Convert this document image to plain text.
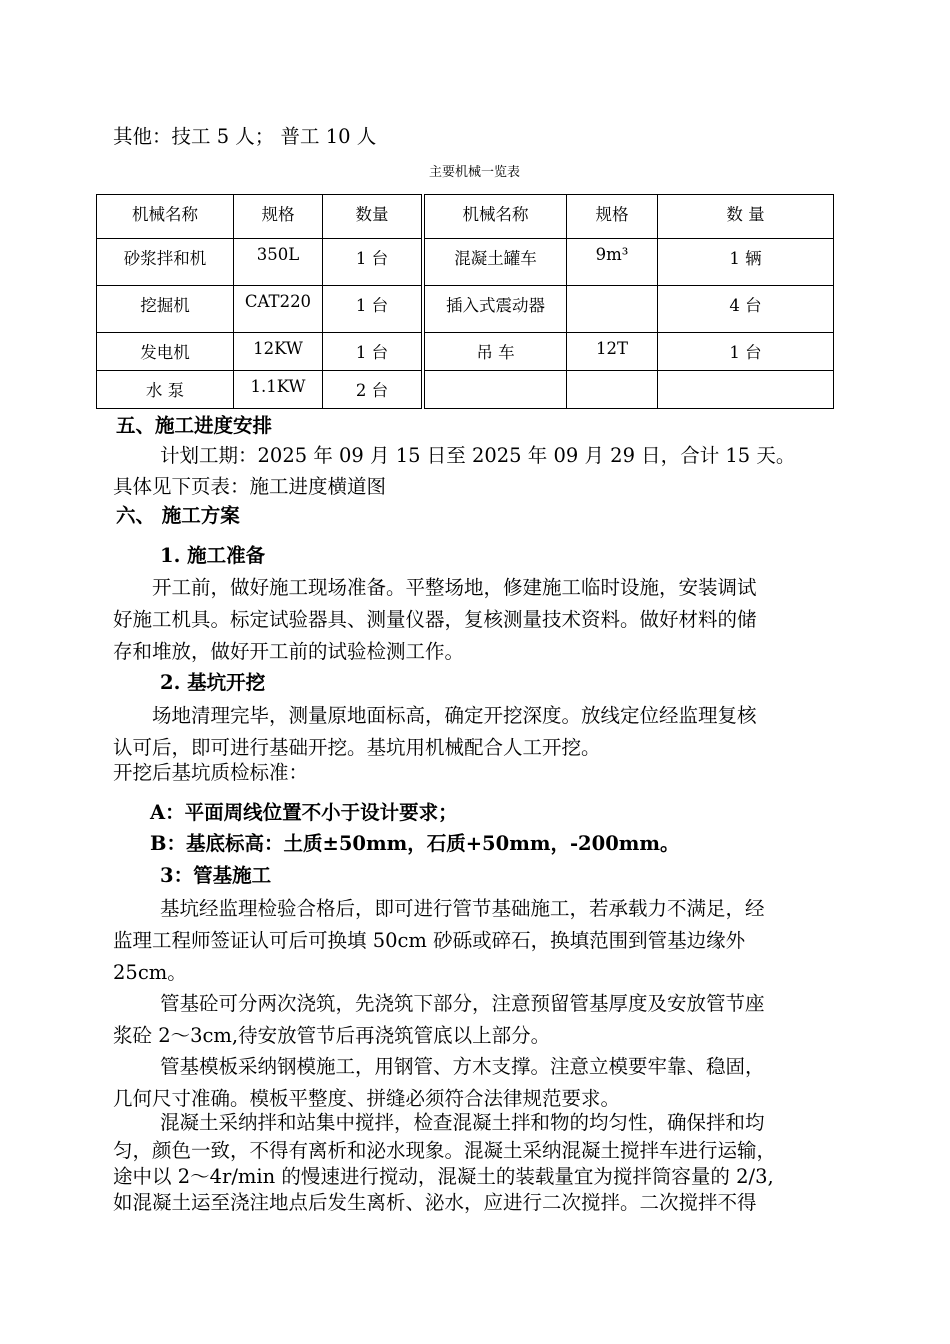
其他：技工 5 人； 普工 10 人
主要机械一览表
机械名称	规格	数量		机械名称	规格	数 量
砂浆拌和机	350L	1 台		混凝土罐车	9m³	1 辆
挖掘机	CAT220	1 台		插入式震动器		4 台
发电机	12KW	1 台		吊 车	12T	1 台
水 泵	1.1KW	2 台				
五、施工进度安排
计划工期：2025 年 09 月 15 日至 2025 年 09 月 29 日，合计 15 天。
具体见下页表：施工进度横道图
六、 施工方案
1. 施工准备
开工前，做好施工现场准备。平整场地，修建施工临时设施，安装调试
好施工机具。标定试验器具、测量仪器，复核测量技术资料。做好材料的储
存和堆放，做好开工前的试验检测工作。
2. 基坑开挖
场地清理完毕，测量原地面标高，确定开挖深度。放线定位经监理复核
认可后，即可进行基础开挖。基坑用机械配合人工开挖。
开挖后基坑质检标准：
A：平面周线位置不小于设计要求；
B：基底标高：土质±50mm，石质+50mm，-200mm。
3：管基施工
基坑经监理检验合格后，即可进行管节基础施工，若承载力不满足，经
监理工程师签证认可后可换填 50cm 砂砾或碎石，换填范围到管基边缘外
25cm。
管基砼可分两次浇筑，先浇筑下部分，注意预留管基厚度及安放管节座
浆砼 2～3cm,待安放管节后再浇筑管底以上部分。
管基模板采纳钢模施工，用钢管、方木支撑。注意立模要牢靠、稳固，
几何尺寸准确。模板平整度、拼缝必须符合法律规范要求。
混凝土采纳拌和站集中搅拌，检查混凝土拌和物的均匀性，确保拌和均
匀，颜色一致，不得有离析和泌水现象。混凝土采纳混凝土搅拌车进行运输，
途中以 2～4r/min 的慢速进行搅动，混凝土的装载量宜为搅拌筒容量的 2/3,
如混凝土运至浇注地点后发生离析、泌水，应进行二次搅拌。二次搅拌不得
